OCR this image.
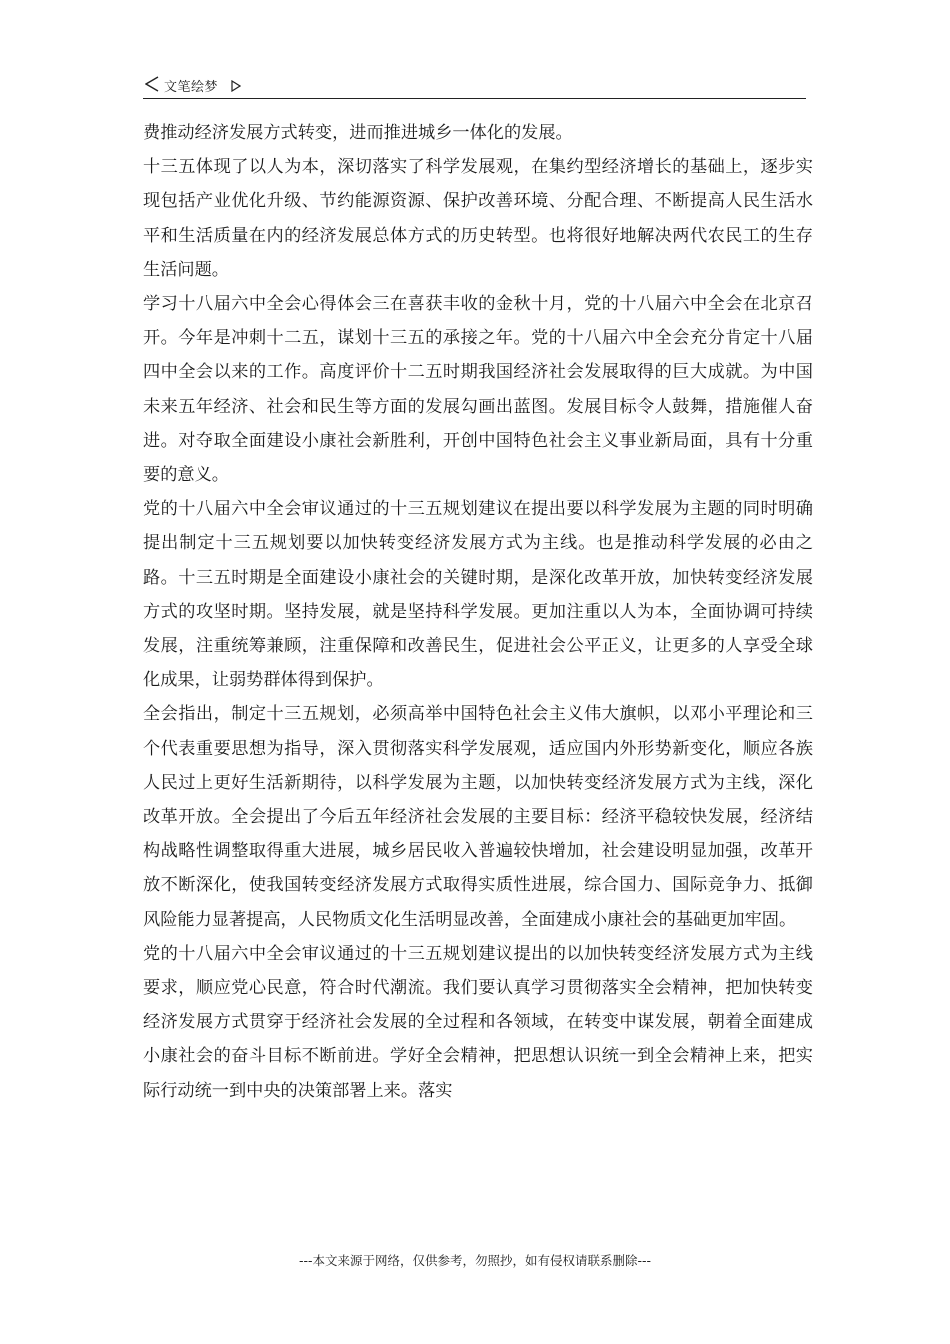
文笔绘梦

费推动经济发展方式转变，进而推进城乡一体化的发展。

十三五体现了以人为本，深切落实了科学发展观，在集约型经济增长的基础上，逐步实现包括产业优化升级、节约能源资源、保护改善环境、分配合理、不断提高人民生活水平和生活质量在内的经济发展总体方式的历史转型。也将很好地解决两代农民工的生存生活问题。

学习十八届六中全会心得体会三在喜获丰收的金秋十月，党的十八届六中全会在北京召开。今年是冲刺十二五，谋划十三五的承接之年。党的十八届六中全会充分肯定十八届四中全会以来的工作。高度评价十二五时期我国经济社会发展取得的巨大成就。为中国未来五年经济、社会和民生等方面的发展勾画出蓝图。发展目标令人鼓舞，措施催人奋进。对夺取全面建设小康社会新胜利，开创中国特色社会主义事业新局面，具有十分重要的意义。

党的十八届六中全会审议通过的十三五规划建议在提出要以科学发展为主题的同时明确提出制定十三五规划要以加快转变经济发展方式为主线。也是推动科学发展的必由之路。十三五时期是全面建设小康社会的关键时期，是深化改革开放，加快转变经济发展方式的攻坚时期。坚持发展，就是坚持科学发展。更加注重以人为本，全面协调可持续发展，注重统筹兼顾，注重保障和改善民生，促进社会公平正义，让更多的人享受全球化成果，让弱势群体得到保护。

全会指出，制定十三五规划，必须高举中国特色社会主义伟大旗帜，以邓小平理论和三个代表重要思想为指导，深入贯彻落实科学发展观，适应国内外形势新变化，顺应各族人民过上更好生活新期待，以科学发展为主题，以加快转变经济发展方式为主线，深化改革开放。全会提出了今后五年经济社会发展的主要目标：经济平稳较快发展，经济结构战略性调整取得重大进展，城乡居民收入普遍较快增加，社会建设明显加强，改革开放不断深化，使我国转变经济发展方式取得实质性进展，综合国力、国际竞争力、抵御风险能力显著提高，人民物质文化生活明显改善，全面建成小康社会的基础更加牢固。

党的十八届六中全会审议通过的十三五规划建议提出的以加快转变经济发展方式为主线要求，顺应党心民意，符合时代潮流。我们要认真学习贯彻落实全会精神，把加快转变经济发展方式贯穿于经济社会发展的全过程和各领域，在转变中谋发展，朝着全面建成小康社会的奋斗目标不断前进。学好全会精神，把思想认识统一到全会精神上来，把实际行动统一到中央的决策部署上来。落实

---本文来源于网络，仅供参考，勿照抄，如有侵权请联系删除---
